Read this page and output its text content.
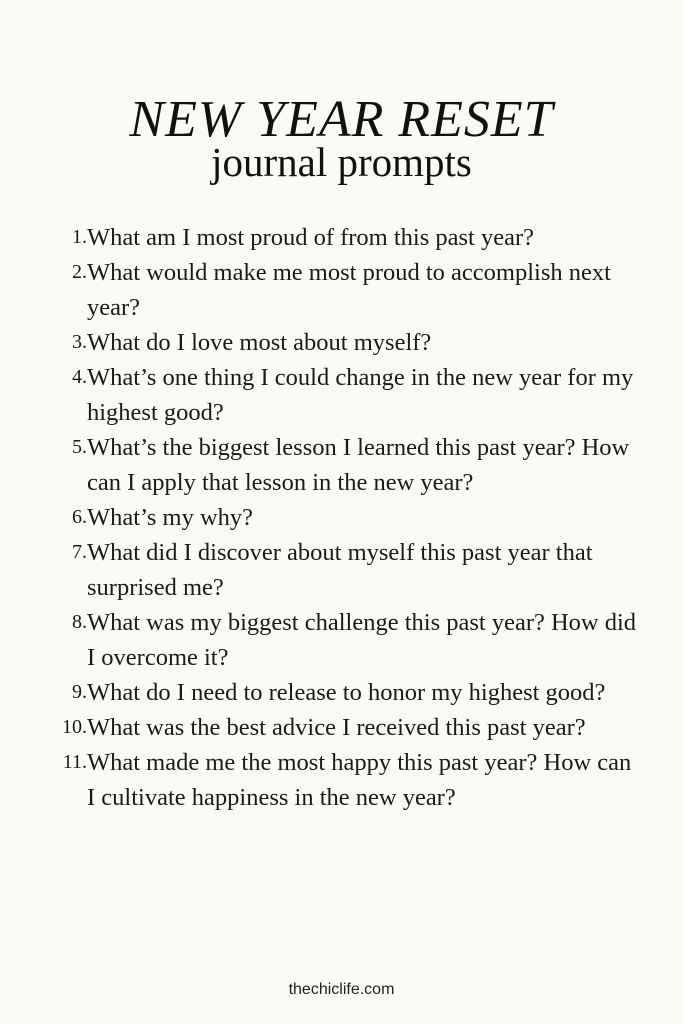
NEW YEAR RESET
journal prompts
1. What am I most proud of from this past year?
2. What would make me most proud to accomplish next year?
3. What do I love most about myself?
4. What’s one thing I could change in the new year for my highest good?
5. What’s the biggest lesson I learned this past year? How can I apply that lesson in the new year?
6. What’s my why?
7. What did I discover about myself this past year that surprised me?
8. What was my biggest challenge this past year? How did I overcome it?
9. What do I need to release to honor my highest good?
10. What was the best advice I received this past year?
11. What made me the most happy this past year? How can I cultivate happiness in the new year?
thechiclife.com
